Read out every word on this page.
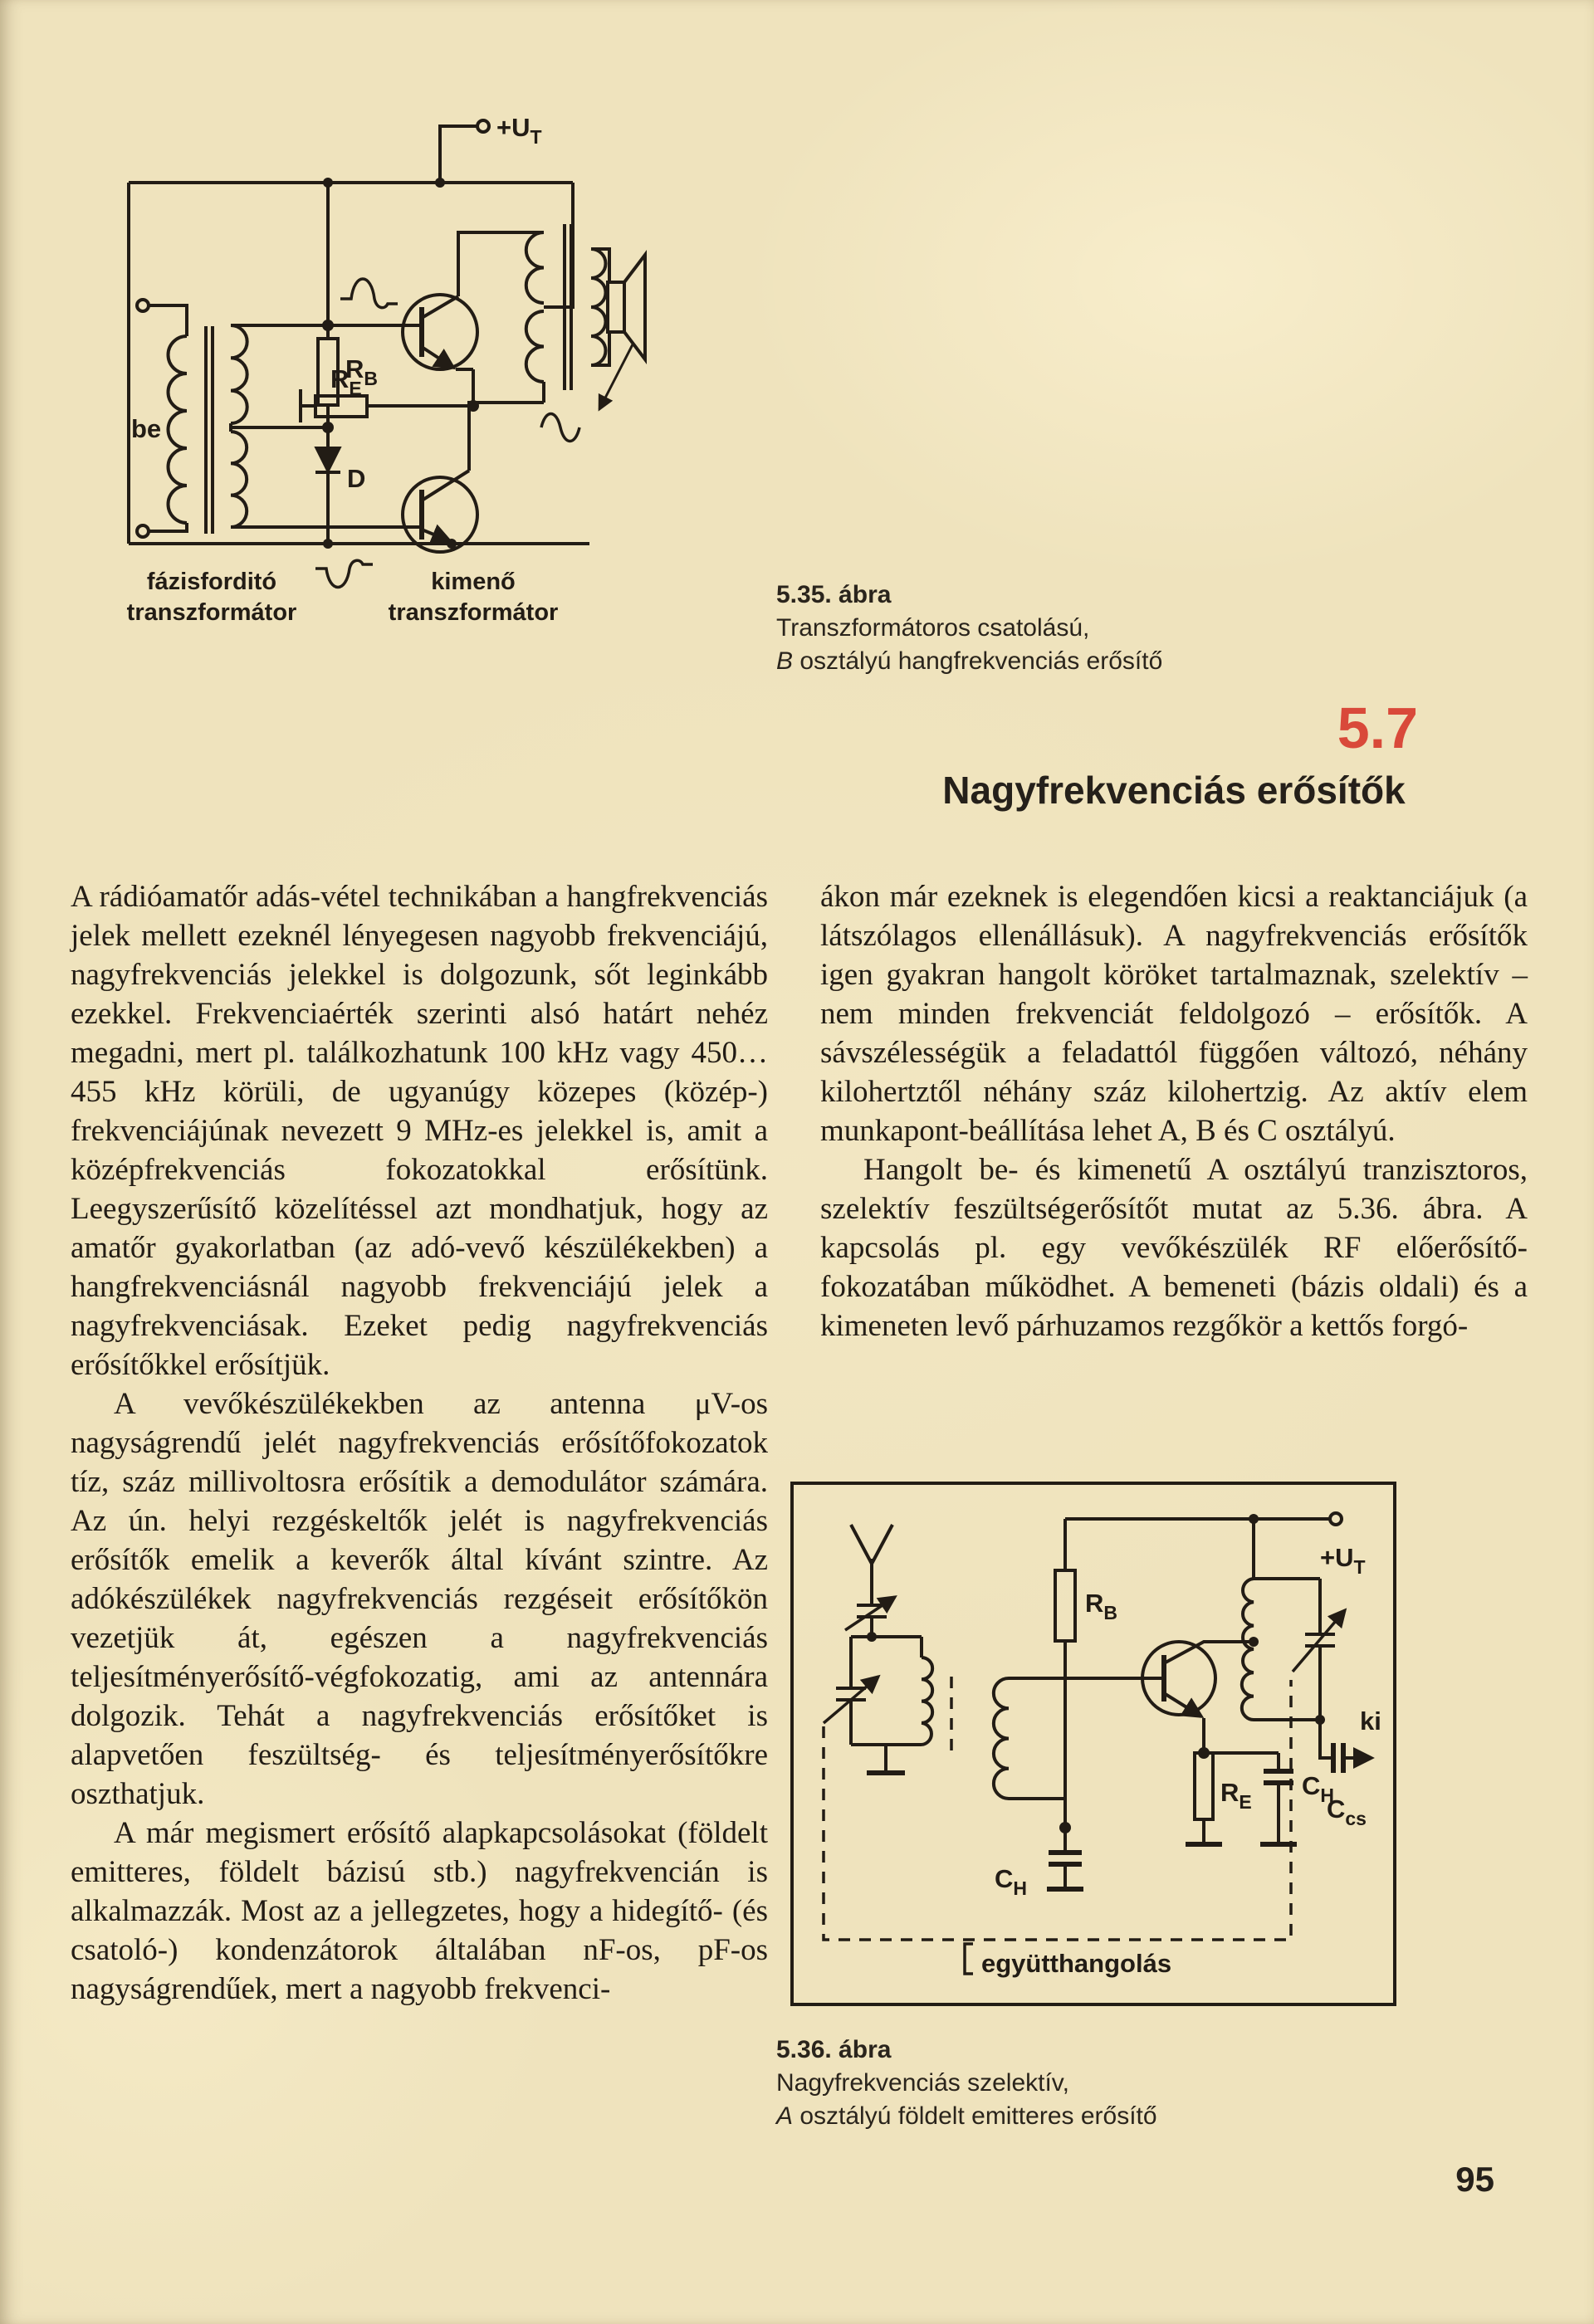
$+U_T$
be
$R_B$
D
$R_E$
fázisforditó
transzformátor
kimenő
transzformátor
5.35. ábra
Transzformátoros csatolású,
B osztályú hangfrekvenciás erősítő
5.7
Nagyfrekvenciás erősítők

A rádióamatőr adás-vétel technikában a hangfrekvenciás jelek mellett ezeknél lényegesen nagyobb frekvenciájú, nagyfrekvenciás jelekkel is dolgozunk, sőt leginkább ezekkel. Frekvenciaérték szerinti alsó határt nehéz megadni, mert pl. találkozhatunk 100 kHz vagy 450…455 kHz körüli, de ugyanúgy közepes (közép-) frekvenciájúnak nevezett 9 MHz-es jelekkel is, amit a középfrekvenciás fokozatokkal erősítünk. Leegyszerűsítő közelítéssel azt mondhatjuk, hogy az amatőr gyakorlatban (az adó-vevő készülékekben) a hangfrekvenciásnál nagyobb frekvenciájú jelek a nagyfrekvenciásak. Ezeket pedig nagyfrekvenciás erősítőkkel erősítjük.

A vevőkészülékekben az antenna μV-os nagyságrendű jelét nagyfrekvenciás erősítőfokozatok tíz, száz millivoltosra erősítik a demodulátor számára. Az ún. helyi rezgéskeltők jelét is nagyfrekvenciás erősítők emelik a keverők által kívánt szintre. Az adókészülékek nagyfrekvenciás rezgéseit erősítőkön vezetjük át, egészen a nagyfrekvenciás teljesítményerősítő-végfokozatig, ami az antennára dolgozik. Tehát a nagyfrekvenciás erősítőket is alapvetően feszültség- és teljesítményerősítőkre oszthatjuk.

A már megismert erősítő alapkapcsolásokat (földelt emitteres, földelt bázisú stb.) nagyfrekvencián is alkalmazzák. Most az a jellegzetes, hogy a hidegítő- (és csatoló-) kondenzátorok általában nF-os, pF-os nagyságrendűek, mert a nagyobb frekvenci-

ákon már ezeknek is elegendően kicsi a reaktanciájuk (a látszólagos ellenállásuk). A nagyfrekvenciás erősítők igen gyakran hangolt köröket tartalmaznak, szelektív – nem minden frekvenciát feldolgozó – erősítők. A sávszélességük a feladattól függően változó, néhány kilohertztől néhány száz kilohertzig. Az aktív elem munkapont-beállítása lehet A, B és C osztályú.

Hangolt be- és kimenetű A osztályú tranzisztoros, szelektív feszültségerősítőt mutat az 5.36. ábra. A kapcsolás pl. egy vevőkészülék RF előerősítő-fokozatában működhet. A bemeneti (bázis oldali) és a kimeneten levő párhuzamos rezgőkör a kettős forgó-

$R_B$
$C_H$
$R_E$
$C_H$
$+U_T$
ki
$C_{cs}$
együtthangolás
5.36. ábra
Nagyfrekvenciás szelektív,
A osztályú földelt emitteres erősítő
95
